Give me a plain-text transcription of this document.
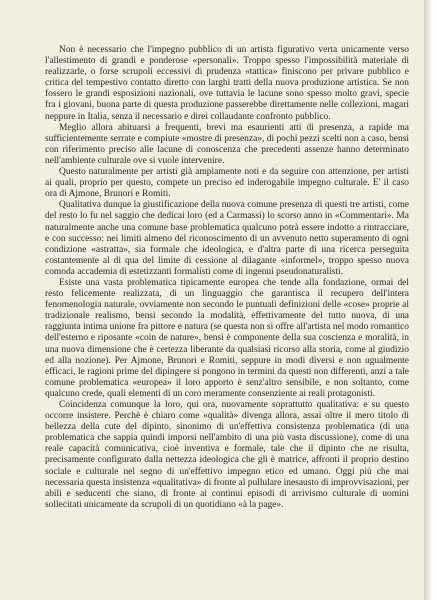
Non è necessario che l'impegno pubblico di un artista figurativo verta unicamente verso l'allestimento di grandi e ponderose «personali». Troppo spesso l'impossibilità materiale di realizzarle, o forse scrupoli eccessivi di prudenza «tattica» finiscono per privare pubblico e critica del tempestivo contatto diretto con larghi tratti della nuova produzione artistica. Se non fossero le grandi esposizioni nazionali, ove tuttavia le lacune sono spesso molto gravi, specie fra i giovani, buona parte di questa produzione passerebbe direttamente nelle collezioni, magari neppure in Italia, senza il necessario e direi collaudante confronto pubblico.

Meglio allora abituarsi a frequenti, brevi ma esaurienti atti di presenza, a rapide ma sufficientemente serrate e compiute «mostre di presenza», di pochi pezzi scelti non a caso, bensì con riferimento preciso alle lacune di conoscenza che precedenti assenze hanno determinato nell'ambiente culturale ove si vuole intervenire.

Questo naturalmente per artisti già ampiamente noti e da seguire con attenzione, per artisti ai quali, proprio per questo, compete un preciso ed inderogabile impegno culturale. E' il caso ora di Ajmone, Brunori e Romiti.

Qualitativa dunque la giustificazione della nuova comune presenza di questi tre artisti, come del resto lo fu nel saggio che dedicai loro (ed a Carmassi) lo scorso anno in «Commentari». Ma naturalmente anche una comune base problematica qualcuno potrà essere indotto a rintracciare, e con successo: nei limiti almeno del riconoscimento di un avvenuto netto superamento di ogni condizione «astratta», sia formale che ideologica, e d'altra parte di una ricerca perseguita costantemente al di qua del limite di cessione al dilagante «informel», troppo spesso nuova comoda accademia di estetizzanti formalisti come di ingenui pseudonaturalisti.

Esiste una vasta problematica tipicamente europea che tende alla fondazione, ormai del resto felicemente realizzata, di un linguaggio che garantisca il recupero dell'intera fenomenologia naturale, ovviamente non secondo le puntuali definizioni delle «cose» proprie al tradizionale realismo, bensì secondo la modalità, effettivamente del tutto nuova, di una raggiunta intima unione fra pittore e natura (se questa non si offre all'artista nel modo romantico dell'esterno e riposante «coin de nature», bensì è componente della sua coscienza e moralità, in una nuova dimensione che è certezza liberante da qualsiasi ricorso alla storia, come al giudizio ed alla nozione). Per Ajmone, Brunori e Romiti, seppure in modi diversi e non ugualmente efficaci, le ragioni prime del dipingere si pongono in termini da questi non differenti, anzi a tale comune problematica «europea» il loro apporto è senz'altro sensibile, e non soltanto, come qualcuno crede, quali elementi di un coro meramente consenziente ai reali protagonisti.

Coincidenza comunque la loro, qui ora, nuovamente soprattutto qualitativa: e su questo occorre insistere. Perchè è chiaro come «qualità» divenga allora, assai oltre il mero titolo di bellezza della cute del dipinto, sinonimo di un'effettiva consistenza problematica (di una problematica che sappia quindi imporsi nell'ambito di una più vasta discussione), come di una reale capacità comunicativa, cioè inventiva e formale, tale che il dipinto che ne risulta, precisamente configurato dalla nettezza ideologica che gli è matrice, affronti il proprio destino sociale e culturale nel segno di un'effettivo impegno etico ed umano. Oggi più che mai necessaria questa insistenza «qualitativa» di fronte al pullulare inesausto di improvvisazioni, per abili e seducenti che siano, di fronte ai continui episodi di arrivismo culturale di uomini sollecitati unicamente da scrupoli di un quotidiano «à la page».
